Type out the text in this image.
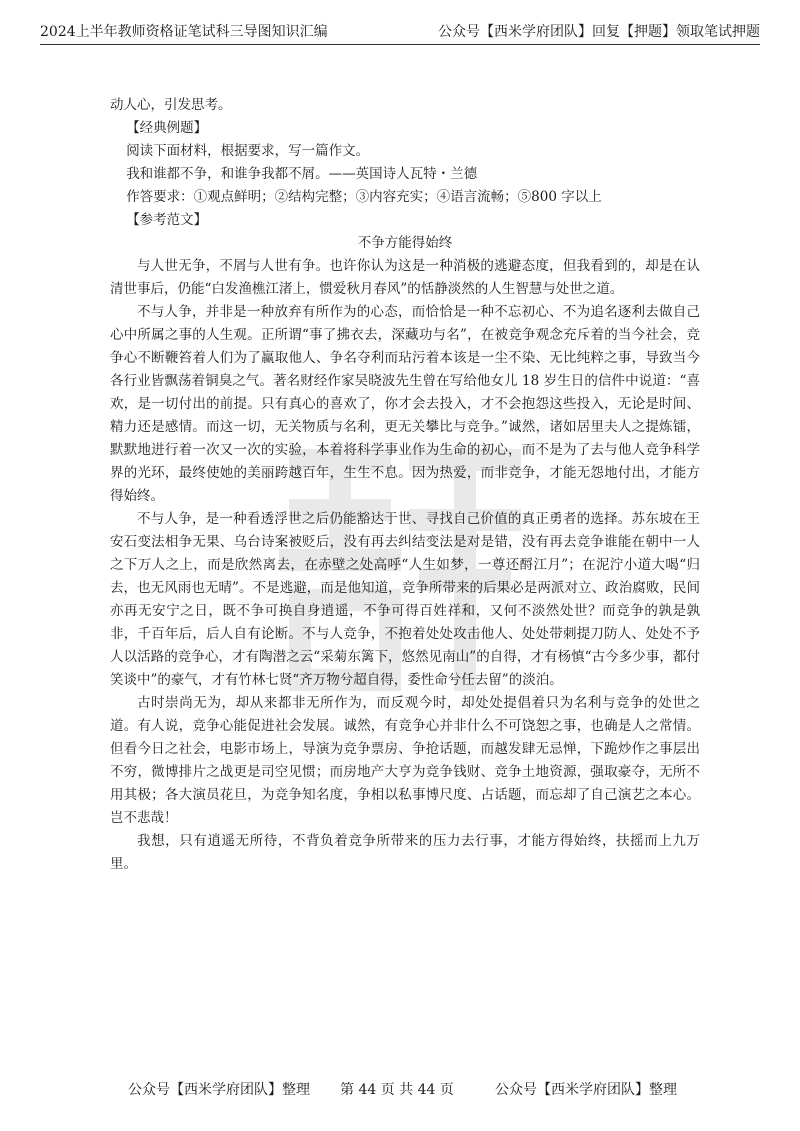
2024上半年教师资格证笔试科三导图知识汇编	公众号【西米学府团队】回复【押题】领取笔试押题

动人心，引发思考。

【经典例题】

阅读下面材料，根据要求，写一篇作文。

我和谁都不争，和谁争我都不屑。——英国诗人瓦特・兰德

作答要求：①观点鲜明；②结构完整；③内容充实；④语言流畅；⑤800 字以上

【参考范文】

不争方能得始终

与人世无争，不屑与人世有争。也许你认为这是一种消极的逃避态度，但我看到的，却是在认清世事后，仍能“白发渔樵江渚上，惯爱秋月春风”的恬静淡然的人生智慧与处世之道。

不与人争，并非是一种放弃有所作为的心态，而恰恰是一种不忘初心、不为追名逐利去做自己心中所属之事的人生观。正所谓“事了拂衣去，深藏功与名”，在被竞争观念充斥着的当今社会，竞争心不断鞭笞着人们为了赢取他人、争名夺利而玷污着本该是一尘不染、无比纯粹之事，导致当今各行业皆飘荡着铜臭之气。著名财经作家吴晓波先生曾在写给他女儿 18 岁生日的信件中说道：“喜欢，是一切付出的前提。只有真心的喜欢了，你才会去投入，才不会抱怨这些投入，无论是时间、精力还是感情。而这一切，无关物质与名利，更无关攀比与竞争。”诚然，诸如居里夫人之提炼镭，默默地进行着一次又一次的实验，本着将科学事业作为生命的初心，而不是为了去与他人竞争科学界的光环，最终使她的美丽跨越百年，生生不息。因为热爱，而非竞争，才能无怨地付出，才能方得始终。

不与人争，是一种看透浮世之后仍能豁达于世、寻找自己价值的真正勇者的选择。苏东坡在王安石变法相争无果、乌台诗案被贬后，没有再去纠结变法是对是错，没有再去竞争谁能在朝中一人之下万人之上，而是欣然离去，在赤壁之处高呼“人生如梦，一尊还酹江月”；在泥泞小道大喝“归去，也无风雨也无晴”。不是逃避，而是他知道，竞争所带来的后果必是两派对立、政治腐败，民间亦再无安宁之日，既不争可换自身逍遥，不争可得百姓祥和，又何不淡然处世？而竞争的孰是孰非，千百年后，后人自有论断。不与人竞争，不抱着处处攻击他人、处处带刺提刀防人、处处不予人以活路的竞争心，才有陶潜之云“采菊东篱下，悠然见南山”的自得，才有杨慎“古今多少事，都付笑谈中”的豪气，才有竹林七贤“齐万物兮超自得，委性命兮任去留”的淡泊。

古时崇尚无为，却从来都非无所作为，而反观今时，却处处提倡着只为名利与竞争的处世之道。有人说，竞争心能促进社会发展。诚然，有竞争心并非什么不可饶恕之事，也确是人之常情。但看今日之社会，电影市场上，导演为竞争票房、争抢话题，而越发肆无忌惮，下跪炒作之事层出不穷，微博排片之战更是司空见惯；而房地产大亨为竞争钱财、竞争土地资源，强取豪夺，无所不用其极；各大演员花旦，为竞争知名度，争相以私事博尺度、占话题，而忘却了自己演艺之本心。岂不悲哉！

我想，只有逍遥无所待，不背负着竞争所带来的压力去行事，才能方得始终，扶摇而上九万里。

公众号【西米学府团队】整理 第 44 页 共 44 页	公众号【西米学府团队】整理
